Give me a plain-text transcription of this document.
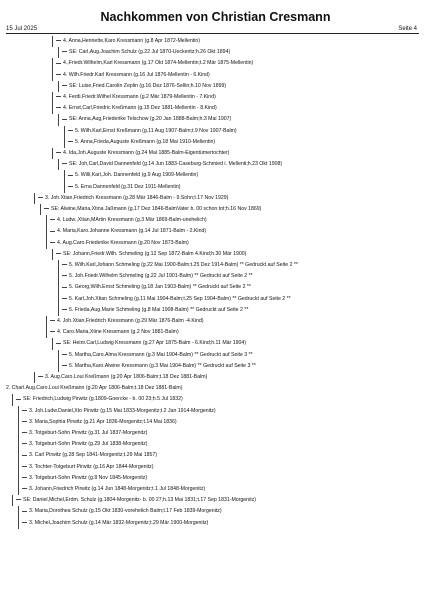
15 Jul 2025
Nachkommen von Christian Cresmann
Seite 4
4. Anna,Henriette,Karo Kressmann (g.8 Apr 1872-Mellentin)
SE: Carl,Aug.Joachim Schulz (g.22 Jul 1870-Ueckeritz;h.26 Okt 1894)
4.,Friedr.Wilhelm,Karl Kressmann (g.17 Okt 1874-Mellentin;t.2 Mär 1875-Mellentin)
4. Wilh.Friedr.Karl Kressmann (g.16 Jul 1876-Mellentin - 6.Kind)
SE: Luise,Fried.Carolin Zeplin (g.16 Dez 1876-Sellin;h.10 Nov 1899)
4. Ferdi.Friedr.Wilhel Kressmann (g.2 Mär 1879-Mellentin - 7.Kind)
4. Ernst,Carl,Friedric Kreßmann (g.15 Dez 1881-Mellentin - 8.Kind)
SE: Anna,Aug,Friederike Telschow (g.20 Jan 1888-Balm;h.3 Mai 1907)
5. Wilh.Karl,Ernst Kreßmann (g.11 Aug 1907-Balm;t.9 Nov 1907-Balm)
5. Anna,Frieda,Auguste Kreßmann (g.18 Mai 1910-Mellentin)
4. Ida,Joh.Auguste Kressmann (g.24 Mai 1885-Balm-Eigentümertochter)
SE: Joh,Carl,David Dannenfeld (g.14 Jun 1883-Caseburg-Schmied i. Mellenti;h.23 Okt 1908)
5. Willi,Karl,Joh. Dannenfeld (g.9 Aug 1909-Mellentin)
5. Erna Dannenfeld (g.31 Dez 1911-Mellentin)
3. Joh.Xtian,Friedrich Kressmann (g.28 Mär 1846-Balm - 9.Sohn;t.17 Nov 1929)
SE: Alwine,Maria,Xtina Jaßmann (g.17 Dez 1846-BalmVater b. 00 schon tot;h.16 Nov 1869)
4. Ludw.,Xtian,MArtin Kressmann (g.3 Mär 1869-Balm-unehelich)
4. Maria,Karo.Johanne Kressmann (g.14 Jul 1871-Balm - 2.Kind)
4. Aug.Caro.Friederike Kressmann (g.20 Nov 1873-Balm)
SE: Johann,Friedr.Wilh. Schmeling (g.12 Sep 1872-Balm 4.Kind;h.30 Mär 1900)
5. Wilh.Karl,Johann Schmeling (g.22 Mai 1900-Balm;t.25 Dez 1914-Balm) ** Gedruckt auf Seite 2 **
5. Joh.Friedr.Wilhelm Schmeling (g.22 Jul 1901-Balm) ** Gedruckt auf Seite 2 **
5. Georg,Wilh.Ernst Schmeling (g.18 Jan 1903-Balm) ** Gedruckt auf Seite 2 **
5. Karl,Joh.Xtian Schmeling (g.11 Mai 1904-Balm;t.25 Sep 1904-Balm) ** Gedruckt auf Seite 2 **
5. Frieda,Aug.Marie Schmeling (g.8 Mai 1908-Balm) ** Gedruckt auf Seite 2 **
4. Joh.Xtian,Friedrich Kressmann (g.29 Mär 1876-Balm -4.Kind)
4. Caro.Maria,Xtine Kressmann (g.2 Nov 1881-Balm)
SE: Heinr.Carl,Ludwig Kressmann (g.27 Apr 1875-Balm - 6.Kind;h.11 Mär 1904)
5. Martha,Caro.Alma Kressmann (g.3 Mai 1904-Balm) ** Gedruckt auf Seite 3 **
5. Martha,Karo.Alwine Kressmann (g.3 Mai 1904-Balm) ** Gedruckt auf Seite 3 **
3. Aug.Caro.Loui Kreßmann (g.20 Apr 1806-Balm;t.18 Dez 1881-Balm)
2. Charl.Aug.Caro.Loui Kreßmann (g.20 Apr 1806-Balm;t.18 Dez 1881-Balm)
SE: Friedrich,Ludwig Pirwitz (g.1809-Goercke - b. 00 23;h.5 Jul 1832)
3. Joh.Ludw.Daniel,Xto Pirwitz (g.15 Mai 1833-Morgenitz;t.2 Jan 1914-Morgenitz)
3. Maria,Sophia Pirwitz (g.21 Apr 1836-Morgenitz;t.14 Mai 1836)
3. Totgeburt-Sohn Pirwitz (g.31 Jul 1837-Morgenitz)
3. Totgeburt-Sohn Pirwitz (g.29 Jul 1838-Morgenitz)
3. Carl Pirwitz (g.28 Sep 1841-Morgenitz;t.29 Mai 1857)
3. Tochter-Totgeburt Pirwitz (g.16 Apr 1844-Morgenitz)
3. Totgeburt-Sohn Pirwitz (g.8 Nov 1845-Morgenitz)
3. Johann,Friedrich Pirwitz (g.14 Jun 1848-Morgenitz;t.1 Jul 1848-Morgenitz)
SE: Daniel,Michel,Erdm. Schulz (g.1804-Morgenitz- b. 00 27;h.13 Mai 1831;t.17 Sep 1831-Morgenitz)
3. Maria,Dorothea Schulz (g.15 Okt 1830-vorehelich Balm;t.17 Feb 1839-Morgenitz)
3. Michel,Joachim Schulz (g.14 Mär 1832-Morgenitz;t.29 Mär 1900-Morgenitz)
